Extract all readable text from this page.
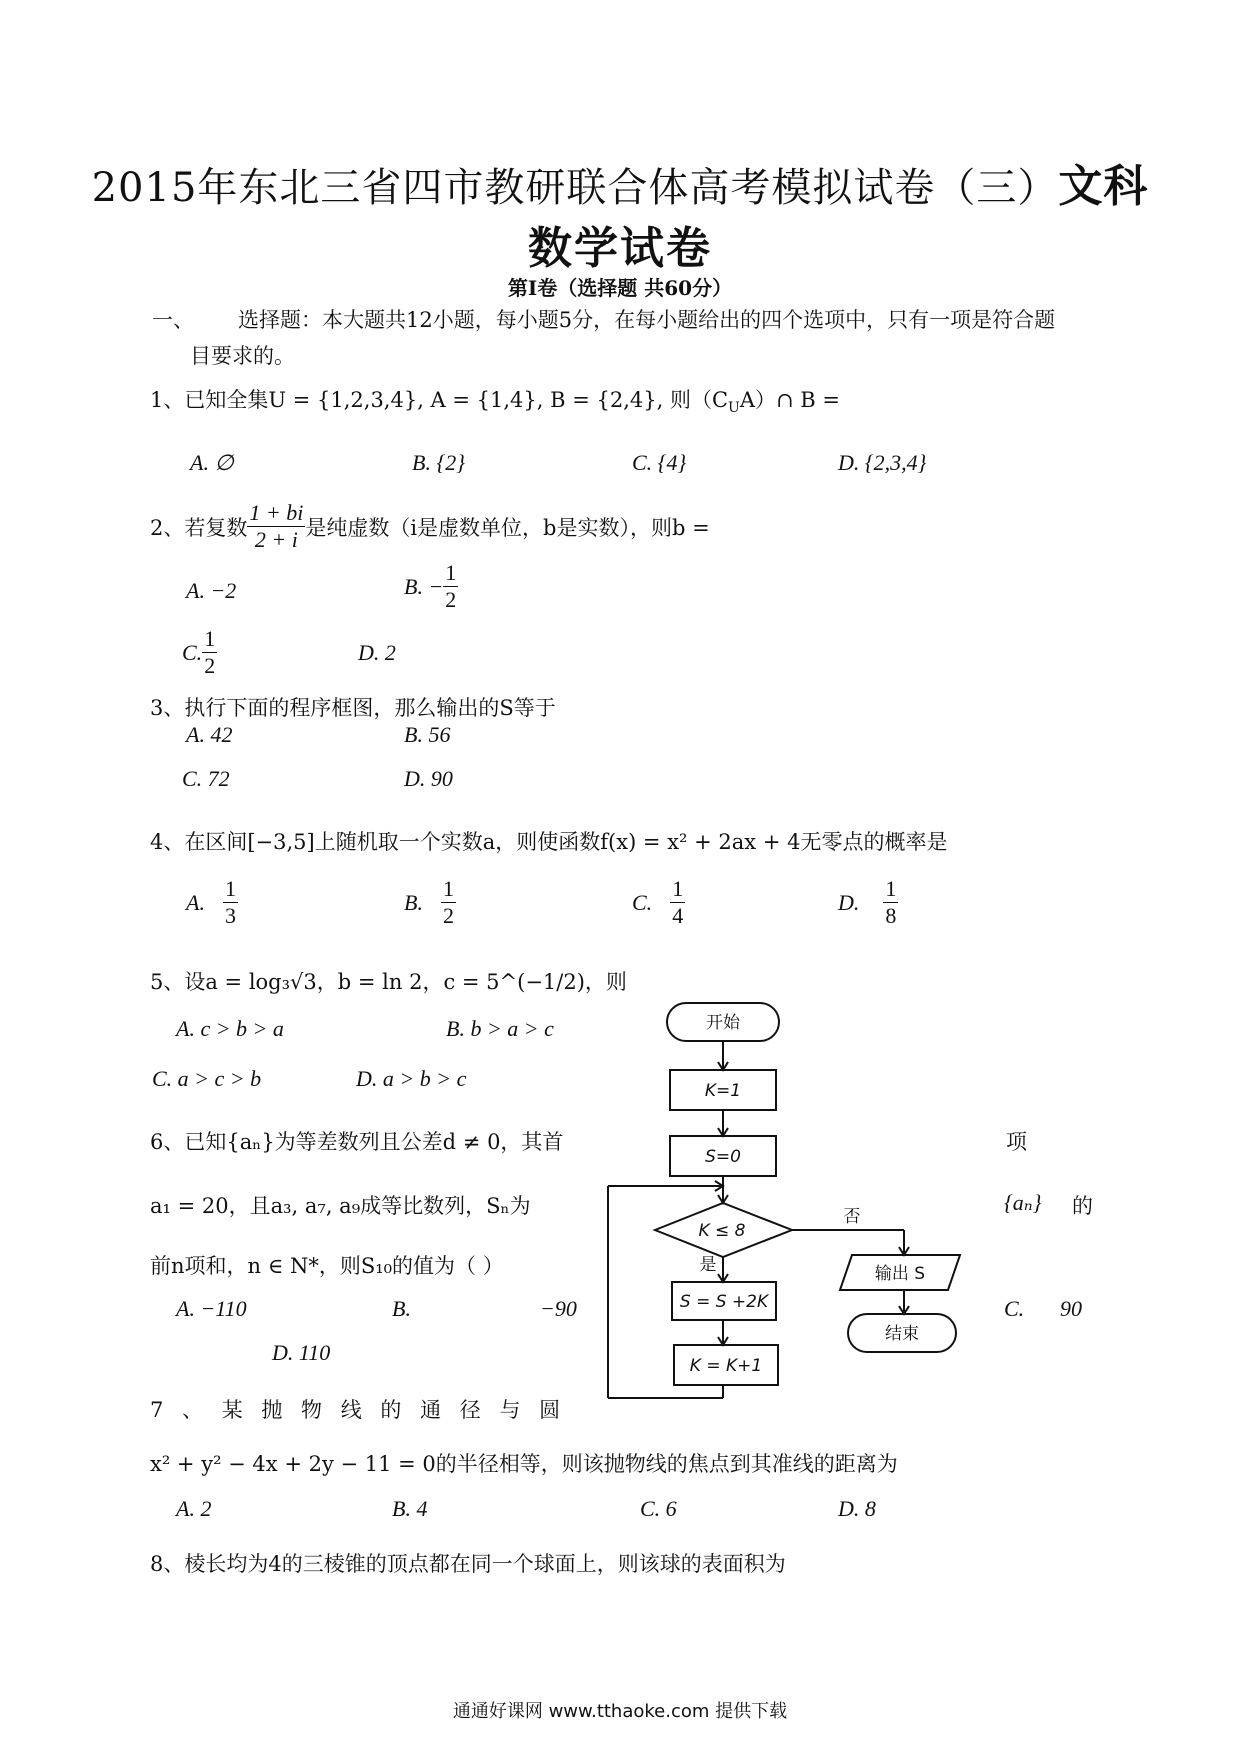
2015年东北三省四市教研联合体高考模拟试卷（三）文科
数学试卷
第Ⅰ卷（选择题 共60分）
一、 选择题：本大题共12小题，每小题5分，在每小题给出的四个选项中，只有一项是符合题
目要求的。
1、已知全集U = {1,2,3,4}, A = {1,4}, B = {2,4}, 则$(C_UA)\cap$ B =
A. ∅	B. {2}	C. {4}	D. {2,3,4}
2、若复数 $\frac{1 + bi}{2 + i}$ 是纯虚数（i是虚数单位，b是实数），则b =
A. −2	B. − $\frac{1}{2}$
C. $\frac{1}{2}$	D. 2
3、执行下面的程序框图，那么输出的S等于
A. 42	B. 56
C. 72	D. 90
4、在区间[−3,5]上随机取一个实数a，则使函数f(x) = x² + 2ax + 4无零点的概率是
A. $\frac{1}{3}$	B. $\frac{1}{2}$	C. $\frac{1}{4}$	D. $\frac{1}{8}$
5、设a = log₃√3，b = ln 2，c = 5^(−1/2)，则
A. c > b > a	B. b > a > c
C. a > c > b	D. a > b > c
6、已知{aₙ}为等差数列且公差d ≠ 0，其首	项
a₁ = 20，且a₃, a₇, a₉成等比数列，Sₙ为	{aₙ} 的
前n项和，n ∈ N*，则S₁₀的值为（ ）
A. −110	B.	−90	C. 90
D. 110
7 、 某 抛 物 线 的 通 径 与 圆
x² + y² − 4x + 2y − 11 = 0的半径相等，则该抛物线的焦点到其准线的距离为
A. 2	B. 4	C. 6	D. 8
8、棱长均为4的三棱锥的顶点都在同一个球面上，则该球的表面积为
开始
K=1
S=0
K ≤ 8
否
是
S = S +2K
K = K+1
输出 S
结束
通通好课网 www.tthaoke.com 提供下载
